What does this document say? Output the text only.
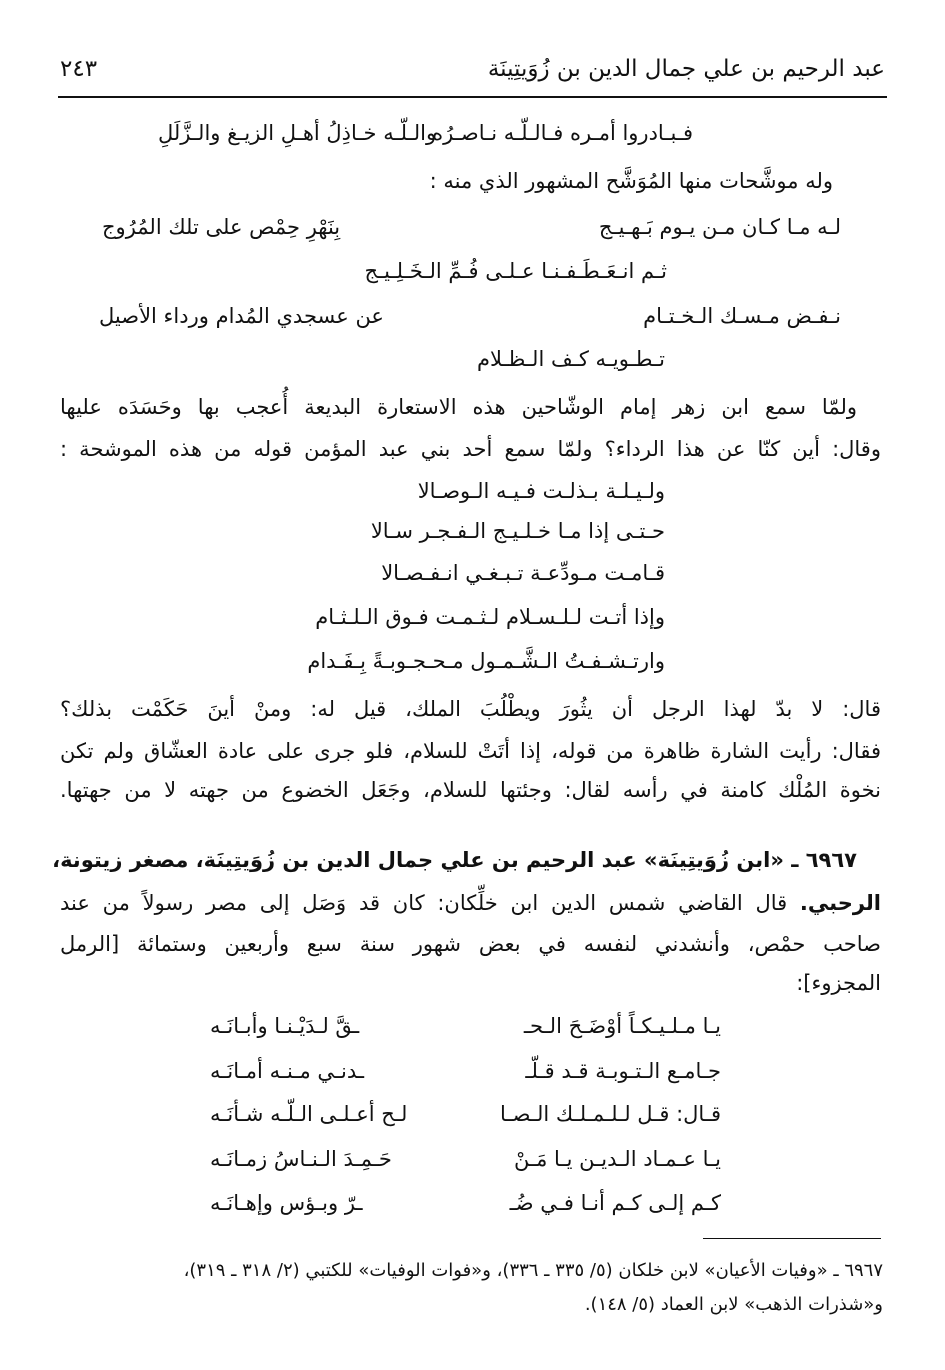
عبد الرحيم بن علي جمال الدين بن زُوَيتِينَة
٢٤٣
فـبـادروا أمـره فـالـلّـه نـاصـرُه
والـلّـه خـاذِلُ أهـلِ الزيـغ والـزَّلَلِ
وله موشَّحات منها المُوَشَّح المشهور الذي منه :
لـه مـا كـان مـن يـوم بَـهـيـج
بِنَهْرِ حِمْص على تلك المُرُوج
ثـم انـعَـطَـفـنـا عـلـى فُـمِّ الـخَـلِـيـج
نـفـض مـسـك الـخـتـام
عن عسجدي المُدام ورداء الأصيل
تـطـويـه كـف الـظـلام
ولمّا سمع ابن زهر إمام الوشّاحين هذه الاستعارة البديعة أُعجب بها وحَسَدَه عليها
وقال: أين كنّا عن هذا الرداء؟ ولمّا سمع أحد بني عبد المؤمن قوله من هذه الموشحة :
ولـيـلـة بـذلـت فـيـه الـوصـالا
حـتـى إذا مـا خـلـيـج الـفـجـر سـالا
قـامـت مـودِّعـة تـبـغـي انـفـصـالا
وإذا أتـت لـلـسـلام لـثـمـت فـوق الـلـثـام
وارتـشـفـتُ الـشَّـمـول مـحـجـوبـةً بِـفَـدام
قال: لا بدّ لهذا الرجل أن يثُورَ ويطْلُبَ الملك، قيل له: ومنْ أينَ حَكَمْت بذلك؟
فقال: رأيت الشارة ظاهرة من قوله، إذا أتَتْ للسلام، فلو جرى على عادة العشّاق ولم تكن
نخوة المُلْك كامنة في رأسه لقال: وجئتها للسلام، وجَعَل الخضوع من جهته لا من جهتها.
٦٩٦٧ ـ «ابن زُوَيتِينَة» عبد الرحيم بن علي جمال الدين بن زُوَيتِينَة، مصغر زيتونة،
الرحبي. قال القاضي شمس الدين ابن خلِّكان: كان قد وَصَل إلى مصر رسولاً من عند
صاحب حمْص، وأنشدني لنفسه في بعض شهور سنة سبع وأربعين وستمائة [الرمل
المجزوء]:
يـا مـلـيـكـاً أوْضَـحَ الـحـ
ـقَّ لـدَيْـنـا وأبـانَـه
جـامـع الـتـوبـة قـد قـلّـ
ـدنـي مـنـه أمـانَـه
قـال: قـل لـلـمـلـك الـصـا
لـح أعـلـى الـلّـه شـأنَـه
يـا عـمـاد الـديـن يـا مَـنْ
حَـمِـدَ الـنـاسُ زمـانَـه
كـم إلـى كـم أنـا فـي ضُـ
ـرّ وبـؤس وإهـانَـه
٦٩٦٧ ـ «وفيات الأعيان» لابن خلكان (٥/ ٣٣٥ ـ ٣٣٦)، و«فوات الوفيات» للكتبي (٢/ ٣١٨ ـ ٣١٩)،
و«شذرات الذهب» لابن العماد (٥/ ١٤٨).
